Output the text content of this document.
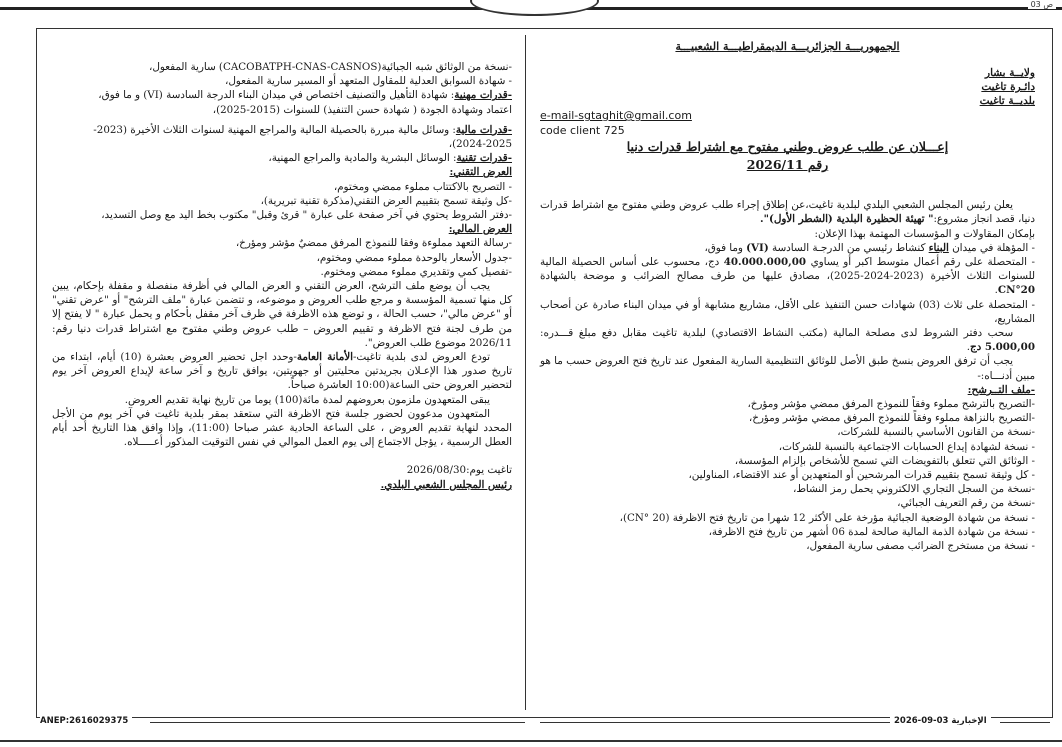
ص 03

الجمهوريـــة الجزائريـــة الديمقراطيـــة الشعبيـــة

ولايــة بشار

دائـرة تاغيت

بلديــة تاغيت

e-mail-sgtaghit@gmail.com

code client 725

إعـــلان عن طلب عروض وطني مفتوح مع اشتراط قدرات دنيا

رقم 2026/11

يعلن رئيس المجلس الشعبي البلدي لبلدية تاغيت،عن إطلاق إجراء طلب عروض وطني مفتوح مع اشتراط قدرات دنيا، قصد انجاز مشروع:" تهيئة الحظيرة البلدية (الشطر الأول)".

بإمكان المقاولات و المؤسسات المهتمة بهذا الإعلان:

- المؤهلة في ميدان البناء كنشاط رئيسي من الدرجـة السادسة (VI) وما فوق،

- المتحصلة على رقم أعمال متوسط اكبر أو يساوي 40.000.000,00 دج، محسوب على أساس الحصيلة المالية للسنوات الثلاث الأخيرة (2023-2024-2025)، مصادق عليها من طرف مصالح الضرائب و موضحة بالشهادة CN°20.

- المتحصلة على ثلاث (03) شهادات حسن التنفيذ على الأقل، مشاريع مشابهة أو في ميدان البناء صادرة عن أصحاب المشاريع،

سحب دفتر الشروط لدى مصلحة المالية (مكتب النشاط الاقتصادي) لبلدية تاغيت مقابل دفع مبلغ قـــدره: 5.000,00 دج.

يجب أن ترفق العروض بنسخ طبق الأصل للوثائق التنظيمية السارية المفعول عند تاريخ فتح العروض حسب ما هو مبين أدنـــاه:-

-ملف التــرشح:

-التصريح بالترشح مملوء وفقاً للنموذج المرفق ممضي مؤشر ومؤرخ،

-التصريح بالنزاهة مملوء وفقاً للنموذج المرفق ممضي مؤشر ومؤرخ،

-نسخة من القانون الأساسي بالنسبة للشركات،

- نسخة لشهادة إيداع الحسابات الاجتماعية بالنسبة للشركات،

- الوثائق التي تتعلق بالتفويضات التي تسمح للأشخاص بإلزام المؤسسة،

- كل وثيقة تسمح بتقييم قدرات المرشحين أو المتعهدين أو عند الاقتضاء، المناولين،

-نسخة من السجل التجاري الالكتروني يحمل رمز النشاط،

-نسخة من رقم التعريف الجبائي،

- نسخة من شهادة الوضعية الجبائية مؤرخة على الأكثر 12 شهرا من تاريخ فتح الاظرفة (20 °CN)،

- نسخة من شهادة الذمة المالية صالحة لمدة 06 أشهر من تاريخ فتح الاظرفة،

- نسخة من مستخرج الضرائب مصفى سارية المفعول،

-نسخة من الوثائق شبه الجبائية(CACOBATPH-CNAS-CASNOS) سارية المفعول،

- شهادة السوابق العدلية للمقاول المتعهد أو المسير سارية المفعول،

-قدرات مهنية: شهادة التأهيل والتصنيف اختصاص في ميدان البناء الدرجة السادسة (VI) و ما فوق،

اعتماد وشهادة الجودة ( شهادة حسن التنفيذ) للسنوات (2015-2025)،

-قدرات مالية: وسائل مالية مبررة بالحصيلة المالية والمراجع المهنية لسنوات الثلاث الأخيرة (2023-

2024-2025)،

-قدرات تقنية: الوسائل البشرية والمادية والمراجع المهنية،

العرض التقني:

- التصريح بالاكتتاب مملوء ممضي ومختوم،

-كل وثيقة تسمح بتقييم العرض التقني(مذكرة تقنية تبريرية)،

-دفتر الشروط يحتوي في آخر صفحة على عبارة " قرئ وقبل" مكتوب بخط اليد مع وصل التسديد،

العرض المالي:

-رسالة التعهد مملوءة وفقا للنموذج المرفق ممضيٌ مؤشر ومؤرخ،

-جدول الأسعار بالوحدة مملوء ممضي ومختوم،

-تفصيل كمي وتقديري مملوء ممضي ومختوم.

يجب أن يوضع ملف الترشح، العرض التقني و العرض المالي في أظرفة منفصلة و مقفلة بإحكام، يبين كل منها تسمية المؤسسة و مرجع طلب العروض و موضوعه، و تتضمن عبارة "ملف الترشح" أو "عرض تقني" أو "عرض مالي"، حسب الحالة ، و توضع هذه الاظرفة في ظرف آخر مقفل بأحكام و يحمل عبارة " لا يفتح إلا من طرف لجنة فتح الاظرفة و تقييم العروض – طلب عروض وطني مفتوح مع اشتراط قدرات دنيا رقم: 2026/11 موضوع طلب العروض".

تودع العروض لدى بلدية تاغيت-الأمانة العامة-وحدد اجل تحضير العروض بعشرة (10) أيام، ابتداء من تاريخ صدور هذا الإعـلان بجريدتين محليتين أو جهويتين، يوافق تاريخ و آخر ساعة لإيداع العروض آخر يوم لتحضير العروض حتى الساعة(10:00 العاشرة صباحاً.

يبقى المتعهدون ملزمون بعروضهم لمدة مائة(100) يوما من تاريخ نهاية تقديم العروض.

المتعهدون مدعوون لحضور جلسة فتح الاظرفة التي ستعقد بمقر بلدية تاغيت في آخر يوم من الأجل المحدد لنهاية تقديم العروض ، على الساعة الحادية عشر صباحا (11:00)، وإذا وافق هذا التاريخ أحد أيام العطل الرسمية ، يؤجل الاجتماع إلى يوم العمل الموالي في نفس التوقيت المذكور أعـــــلاه.

تاغيت يوم:2026/08/30

رئيس المجلس الشعبي البلدي.

ANEP:2616029375	الإخبارية 03-09-2026
